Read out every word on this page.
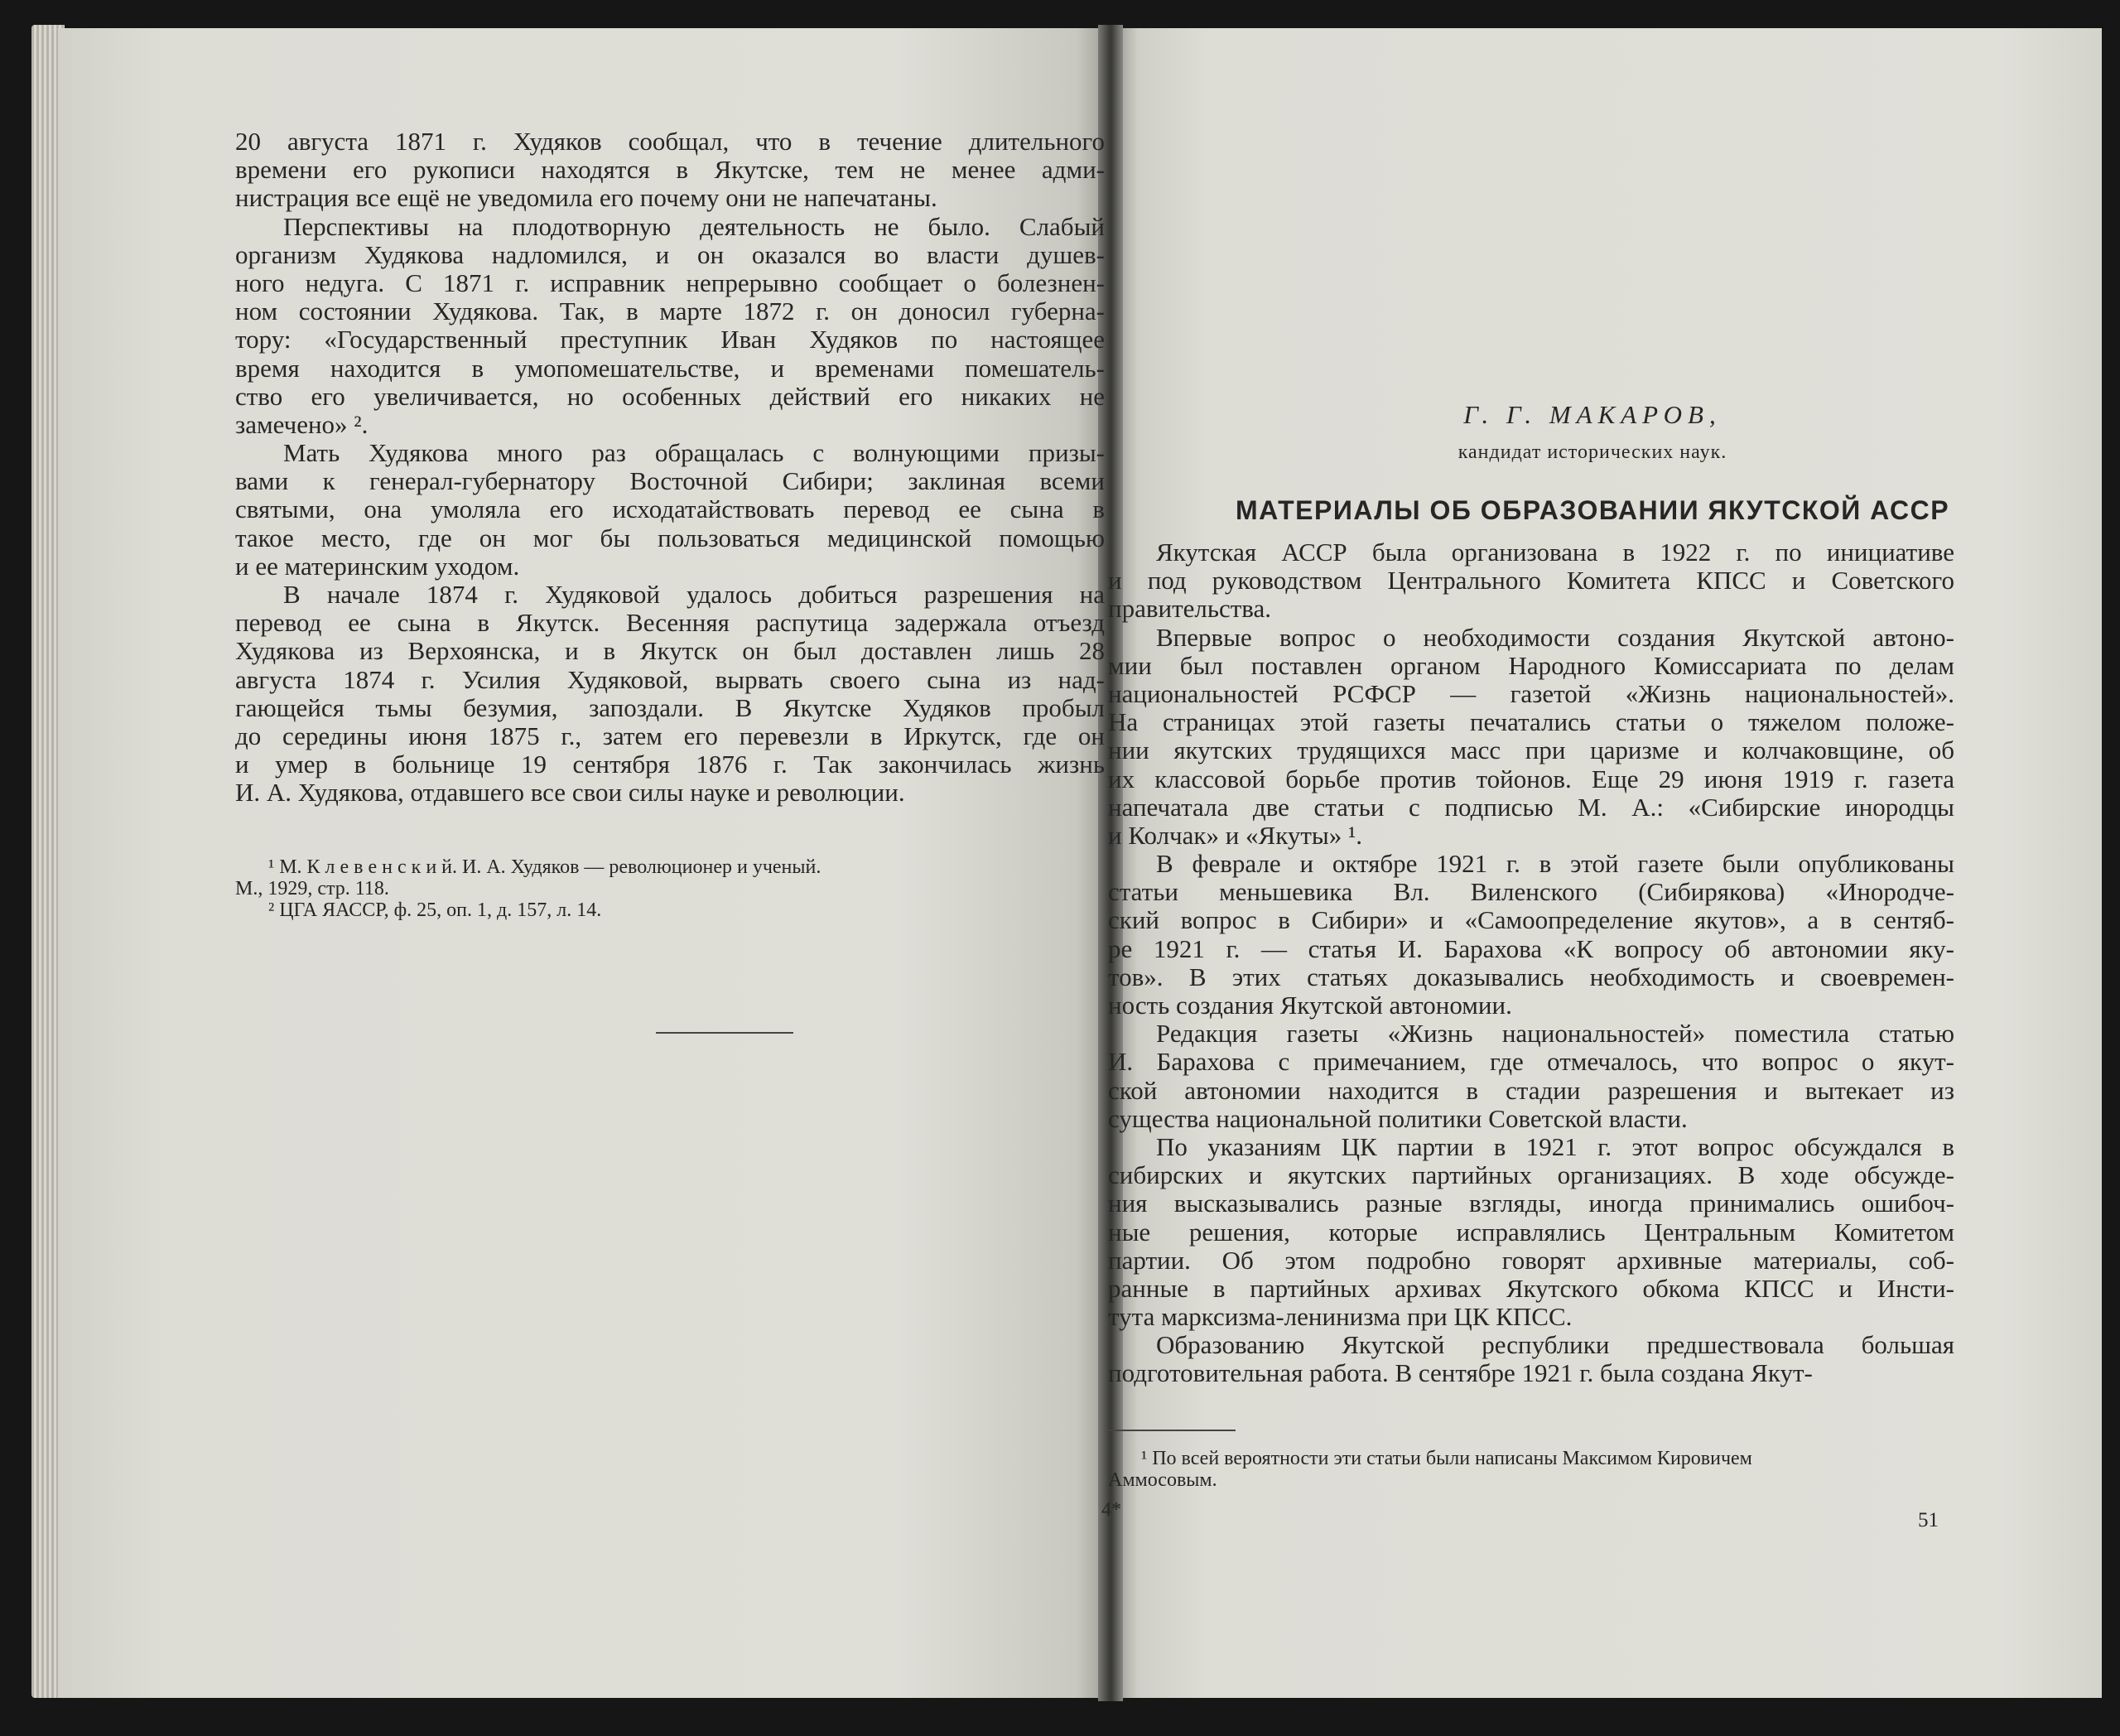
20 августа 1871 г. Худяков сообщал, что в течение длительного
времени его рукописи находятся в Якутске, тем не менее адми-
нистрация все ещё не уведомила его почему они не напечатаны.
Перспективы на плодотворную деятельность не было. Слабый
организм Худякова надломился, и он оказался во власти душев-
ного недуга. С 1871 г. исправник непрерывно сообщает о болезнен-
ном состоянии Худякова. Так, в марте 1872 г. он доносил губерна-
тору: «Государственный преступник Иван Худяков по настоящее
время находится в умопомешательстве, и временами помешатель-
ство его увеличивается, но особенных действий его никаких не
замечено» ².
Мать Худякова много раз обращалась с волнующими призы-
вами к генерал-губернатору Восточной Сибири; заклиная всеми
святыми, она умоляла его исходатайствовать перевод ее сына в
такое место, где он мог бы пользоваться медицинской помощью
и ее материнским уходом.
В начале 1874 г. Худяковой удалось добиться разрешения на
перевод ее сына в Якутск. Весенняя распутица задержала отъезд
Худякова из Верхоянска, и в Якутск он был доставлен лишь 28
августа 1874 г. Усилия Худяковой, вырвать своего сына из над-
гающейся тьмы безумия, запоздали. В Якутске Худяков пробыл
до середины июня 1875 г., затем его перевезли в Иркутск, где он
и умер в больнице 19 сентября 1876 г. Так закончилась жизнь
И. А. Худякова, отдавшего все свои силы науке и революции.
¹ М. К л е в е н с к и й. И. А. Худяков — революционер и ученый.
М., 1929, стр. 118.
² ЦГА ЯАССР, ф. 25, оп. 1, д. 157, л. 14.
Г. Г. МАКАРОВ,
кандидат исторических наук.
МАТЕРИАЛЫ ОБ ОБРАЗОВАНИИ ЯКУТСКОЙ АССР
Якутская АССР была организована в 1922 г. по инициативе
и под руководством Центрального Комитета КПСС и Советского
правительства.
Впервые вопрос о необходимости создания Якутской автоно-
мии был поставлен органом Народного Комиссариата по делам
национальностей РСФСР — газетой «Жизнь национальностей».
На страницах этой газеты печатались статьи о тяжелом положе-
нии якутских трудящихся масс при царизме и колчаковщине, об
их классовой борьбе против тойонов. Еще 29 июня 1919 г. газета
напечатала две статьи с подписью М. А.: «Сибирские инородцы
и Колчак» и «Якуты» ¹.
В феврале и октябре 1921 г. в этой газете были опубликованы
статьи меньшевика Вл. Виленского (Сибирякова) «Инородче-
ский вопрос в Сибири» и «Самоопределение якутов», а в сентяб-
ре 1921 г. — статья И. Барахова «К вопросу об автономии яку-
тов». В этих статьях доказывались необходимость и своевремен-
ность создания Якутской автономии.
Редакция газеты «Жизнь национальностей» поместила статью
И. Барахова с примечанием, где отмечалось, что вопрос о якут-
ской автономии находится в стадии разрешения и вытекает из
существа национальной политики Советской власти.
По указаниям ЦК партии в 1921 г. этот вопрос обсуждался в
сибирских и якутских партийных организациях. В ходе обсужде-
ния высказывались разные взгляды, иногда принимались ошибоч-
ные решения, которые исправлялись Центральным Комитетом
партии. Об этом подробно говорят архивные материалы, соб-
ранные в партийных архивах Якутского обкома КПСС и Инсти-
тута марксизма-ленинизма при ЦК КПСС.
Образованию Якутской республики предшествовала большая
подготовительная работа. В сентябре 1921 г. была создана Якут-
¹ По всей вероятности эти статьи были написаны Максимом Кировичем
Аммосовым.
4*	51
